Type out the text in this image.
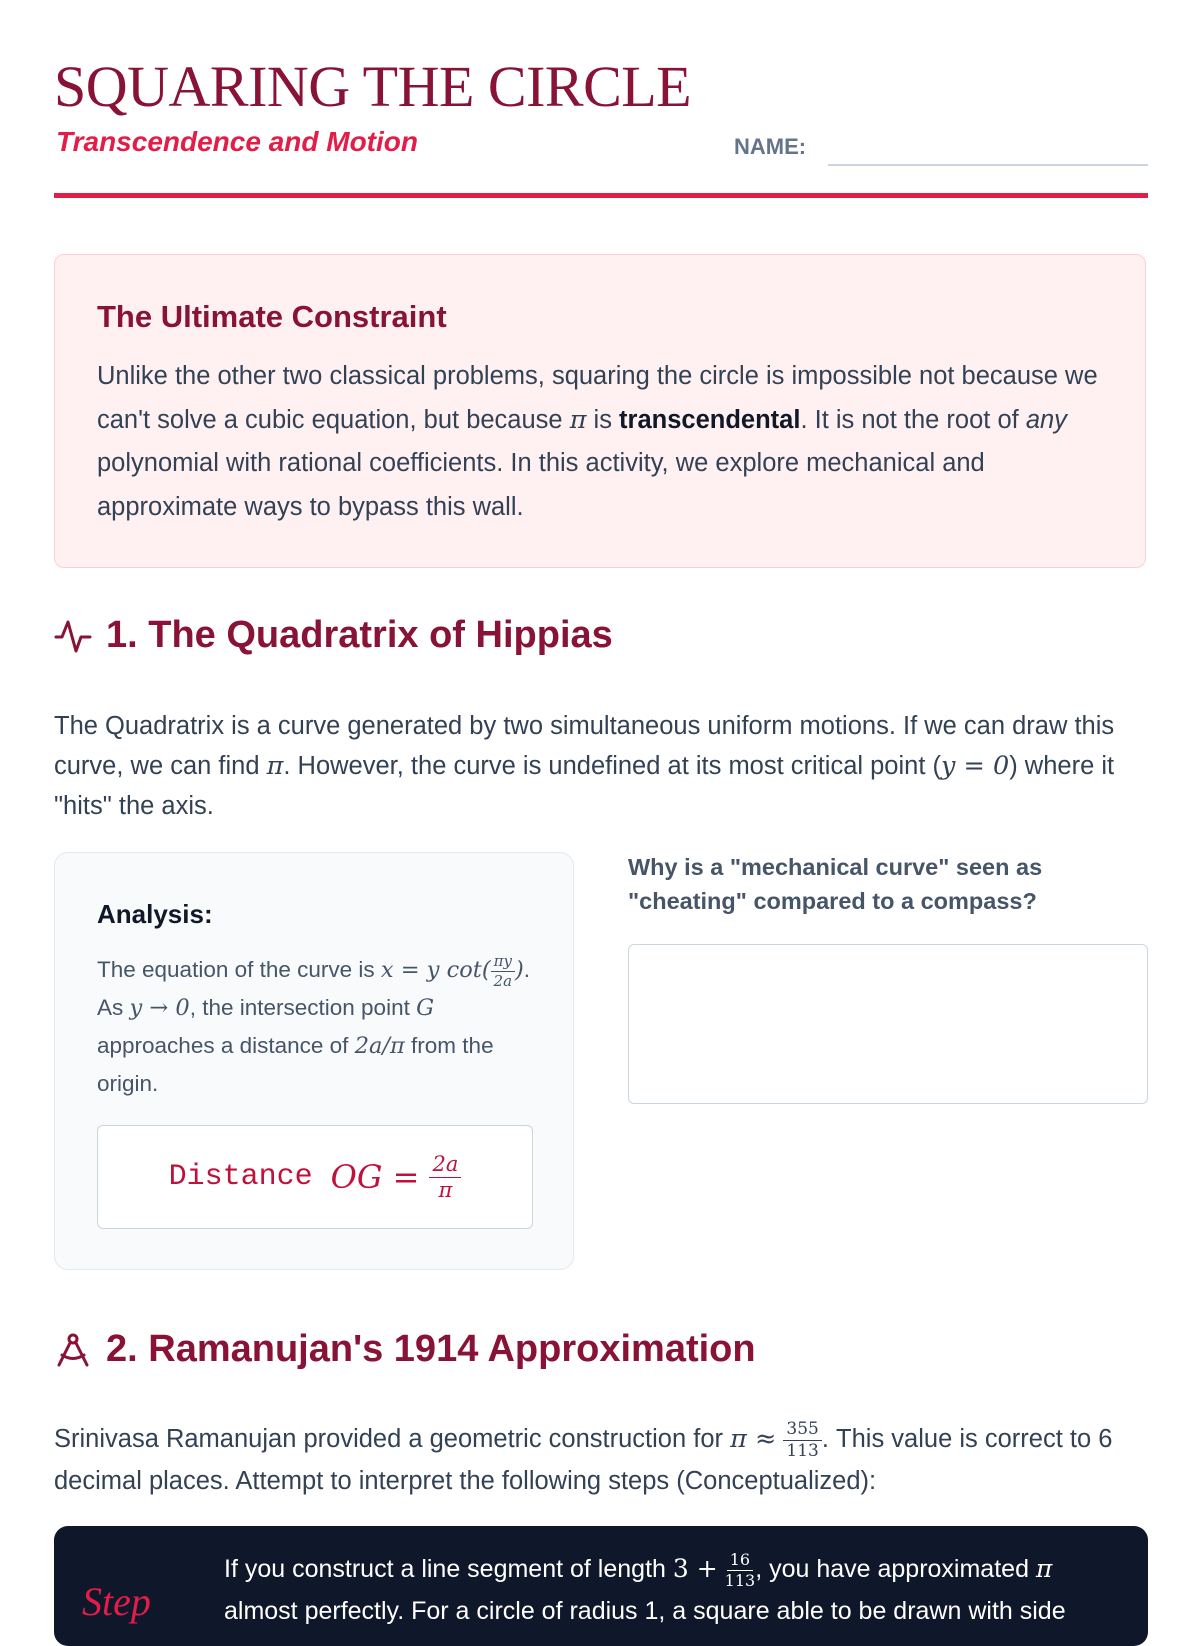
SQUARING THE CIRCLE
Transcendence and Motion	NAME:
The Ultimate Constraint

Unlike the other two classical problems, squaring the circle is impossible not because we can't solve a cubic equation, but because π is transcendental. It is not the root of any polynomial with rational coefficients. In this activity, we explore mechanical and approximate ways to bypass this wall.

1. The Quadratrix of Hippias

The Quadratrix is a curve generated by two simultaneous uniform motions. If we can draw this curve, we can find π. However, the curve is undefined at its most critical point (y = 0) where it "hits" the axis.

Analysis:

The equation of the curve is x = y $\cot( \frac{\pi y}{2a}$ ). As y → 0, the intersection point G approaches a distance of 2a/π from the origin.

Distance OG = $\frac{2a}{\pi}$

Why is a "mechanical curve" seen as "cheating" compared to a compass?

2. Ramanujan's 1914 Approximation

Srinivasa Ramanujan provided a geometric construction for $\pi \approx \frac{355}{113}$ . This value is correct to 6 decimal places. Attempt to interpret the following steps (Conceptualized):

Step

If you construct a line segment of length $3 + \frac{16}{113}$ , you have approximated π almost perfectly. For a circle of radius 1, a square able to be drawn with side
